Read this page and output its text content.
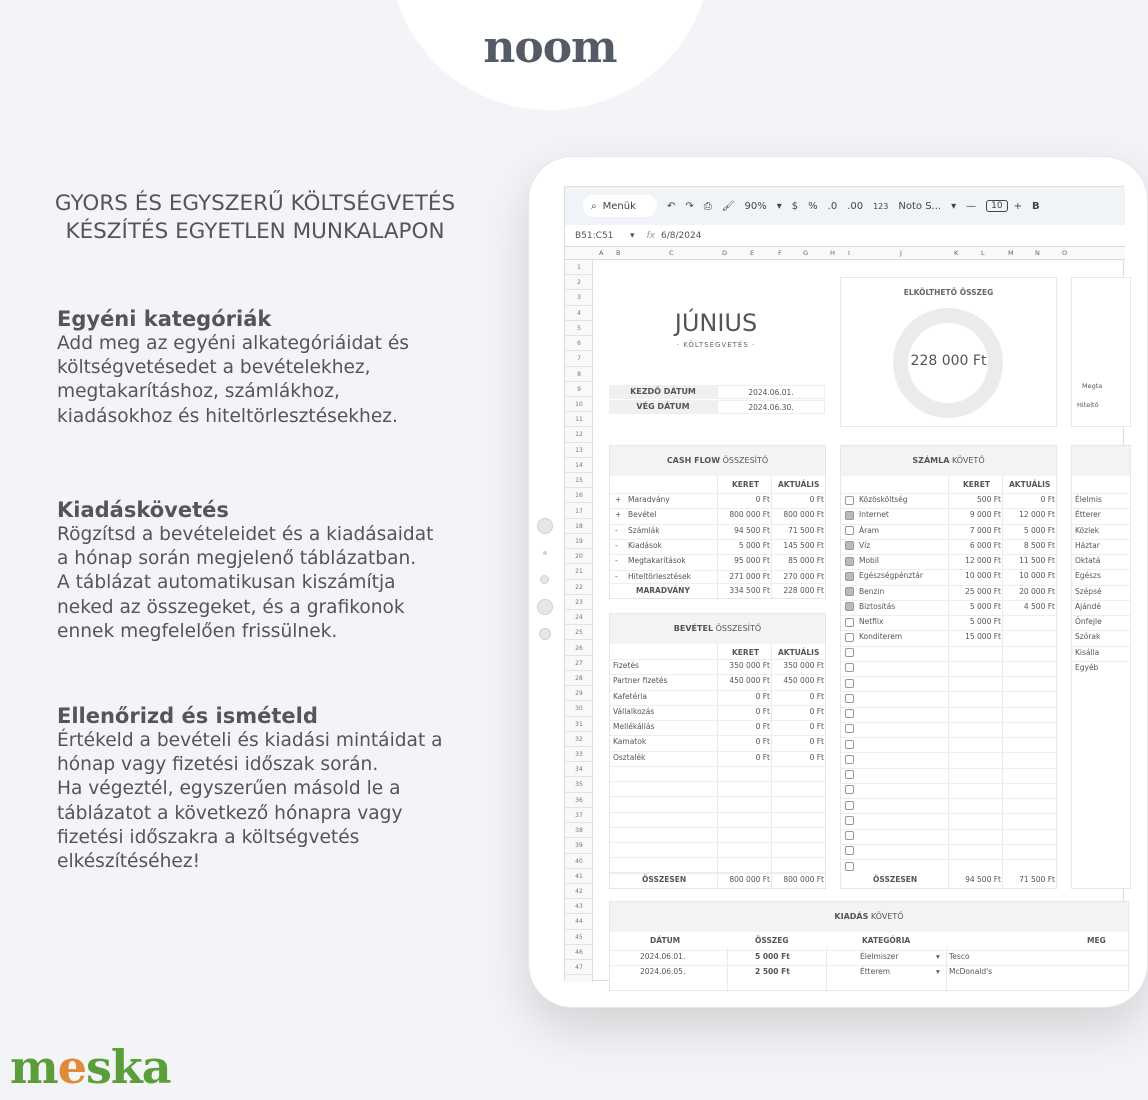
noom
GYORS ÉS EGYSZERŰ KÖLTSÉGVETÉS
KÉSZÍTÉS EGYETLEN MUNKALAPON
Egyéni kategóriák

Add meg az egyéni alkategóriáidat és

költségvetésedet a bevételekhez,

megtakarításhoz, számlákhoz,

kiadásokhoz és hiteltörlesztésekhez.

Kiadáskövetés

Rögzítsd a bevételeidet és a kiadásaidat

a hónap során megjelenő táblázatban.

A táblázat automatikusan kiszámítja

neked az összegeket, és a grafikonok

ennek megfelelően frissülnek.

Ellenőrizd és ismételd

Értékeld a bevételi és kiadási mintáidat a

hónap vagy fizetési időszak során.

Ha végeztél, egyszerűen másold le a

táblázatot a következő hónapra vagy

fizetési időszakra a költségvetés

elkészítéséhez!

meska
⌕ Menük	↶ ↷ ⎙ 🖌 90% ▾ $ % .0 .00 123 Noto S... ▾ —	10	+ B
B51:C51	▾ fx 6/8/2024
A B	C	D	E	F	G	H I	J	K	L	M	N	O
1
2
3
4
5
6
7
8
9
10
11
12
13
14
15
16
17
18
19
20
21
22
23
24
25
26
27
28
29
30
31
32
33
34
35
36
37
38
39
40
41
42
43
44
45
46
47
JÚNIUS
· KÖLTSÉGVETÉS ·
KEZDŐ DÁTUM	2024.06.01.
VÉG DÁTUM	2024.06.30.
ELKÖLTHETŐ ÖSSZEG
228 000 Ft
Megta
Hiteltö
CASH FLOW ÖSSZESÍTŐ
KERET	AKTUÁLIS
+ Maradvány	0 Ft	0 Ft
+ Bevétel	800 000 Ft	800 000 Ft
- Számlák	94 500 Ft	71 500 Ft
- Kiadások	5 000 Ft	145 500 Ft
- Megtakarítások	95 000 Ft	85 000 Ft
- Hiteltörlesztések	271 000 Ft	270 000 Ft
MARADVÁNY	334 500 Ft	228 000 Ft
BEVÉTEL ÖSSZESÍTŐ
KERET	AKTUÁLIS
Fizetés	350 000 Ft	350 000 Ft
Partner fizetés	450 000 Ft	450 000 Ft
Kafetéria	0 Ft	0 Ft
Vállalkozás	0 Ft	0 Ft
Mellékállás	0 Ft	0 Ft
Kamatok	0 Ft	0 Ft
Osztalék	0 Ft	0 Ft
ÖSSZESEN	800 000 Ft	800 000 Ft
SZÁMLA KÖVETŐ
KERET	AKTUÁLIS
Közösköltség	500 Ft	0 Ft
Internet	9 000 Ft	12 000 Ft
Áram	7 000 Ft	5 000 Ft
Víz	6 000 Ft	8 500 Ft
Mobil	12 000 Ft	11 500 Ft
Egészségpénztár	10 000 Ft	10 000 Ft
Benzin	25 000 Ft	20 000 Ft
Biztosítás	5 000 Ft	4 500 Ft
Netflix	5 000 Ft
Konditerem	15 000 Ft
ÖSSZESEN	94 500 Ft	71 500 Ft
Élelmis
Étterer
Közlek
Háztar
Oktatá
Egészs
Szépsé
Ajándé
Önfejle
Szórak
Kisállа
Egyéb
KIADÁS KÖVETŐ
DÁTUM	ÖSSZEG	KATEGÓRIA	MEG
2024.06.01.	5 000 Ft	Élelmiszer	▾ Tesco
2024.06.05.	2 500 Ft	Étterem	▾ McDonald's
